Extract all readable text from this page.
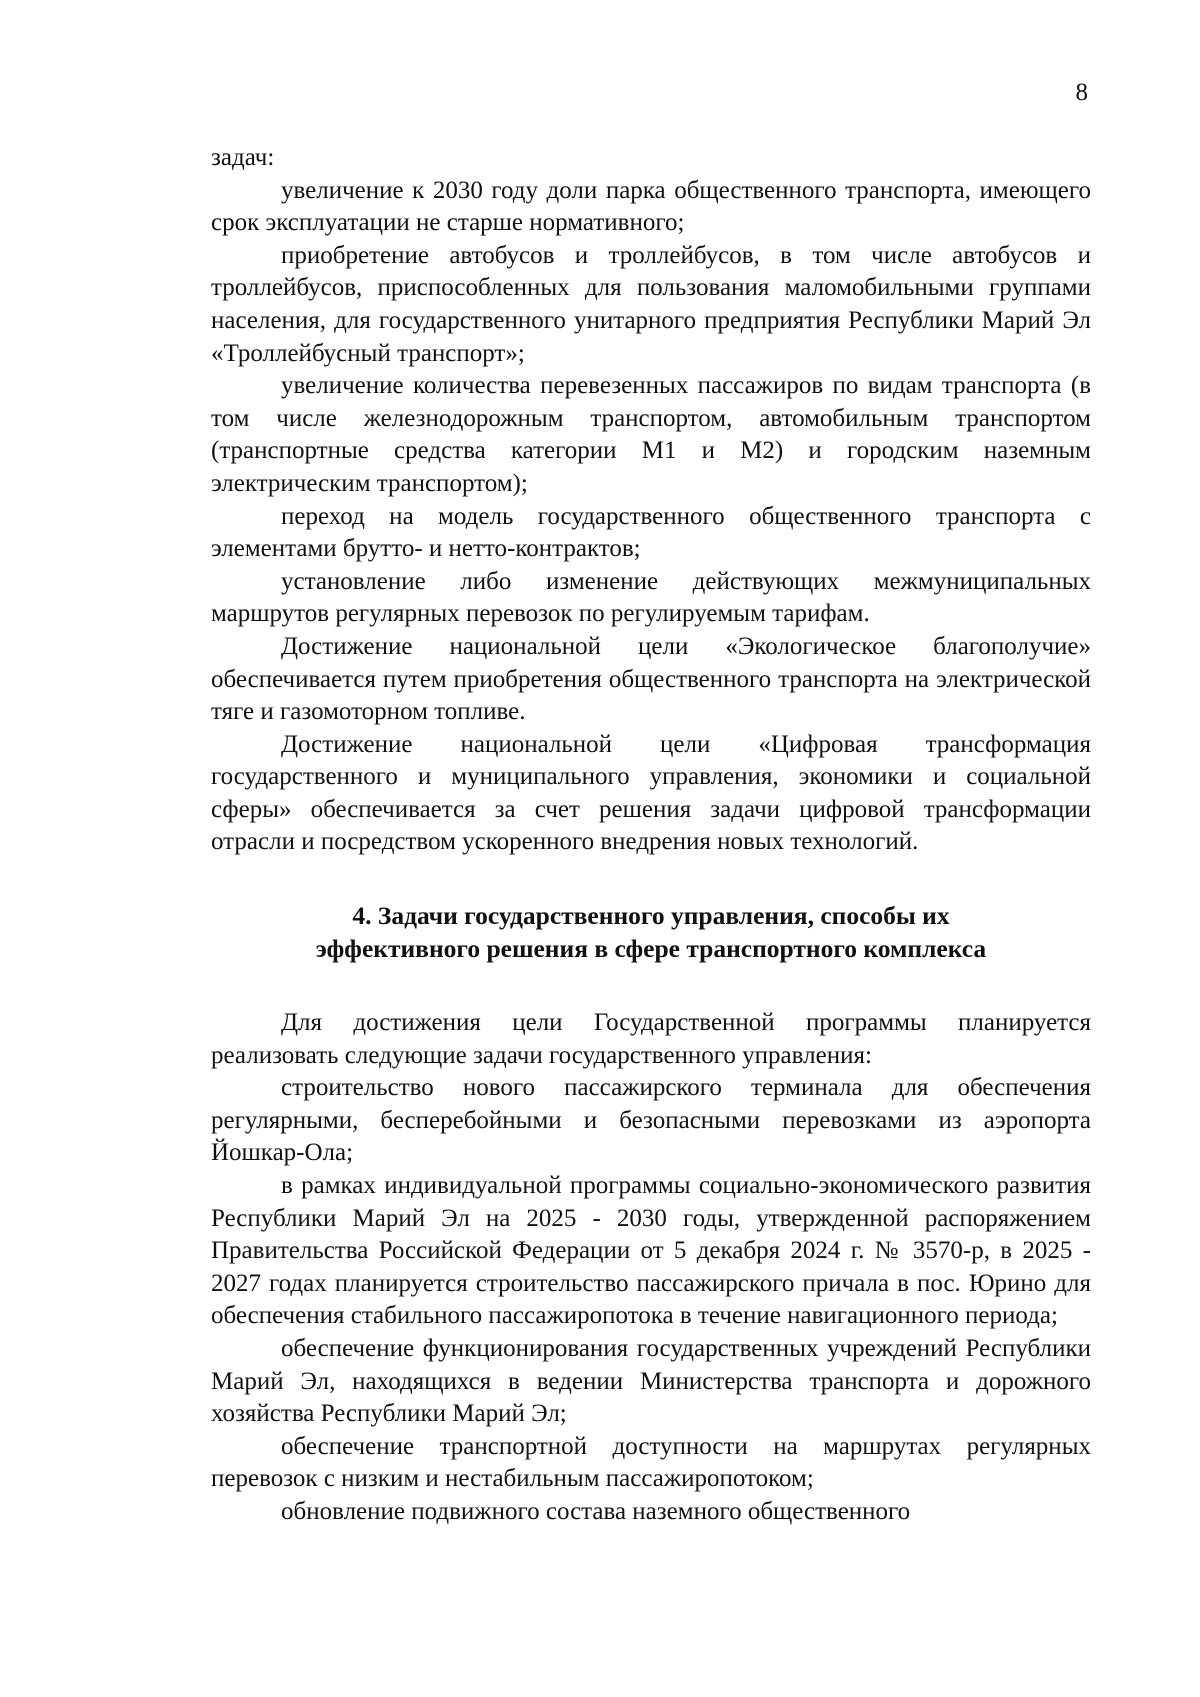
8

задач:

увеличение к 2030 году доли парка общественного транспорта, имеющего срок эксплуатации не старше нормативного;

приобретение автобусов и троллейбусов, в том числе автобусов и троллейбусов, приспособленных для пользования маломобильными группами населения, для государственного унитарного предприятия Республики Марий Эл «Троллейбусный транспорт»;

увеличение количества перевезенных пассажиров по видам транспорта (в том числе железнодорожным транспортом, автомобильным транспортом (транспортные средства категории М1 и М2) и городским наземным электрическим транспортом);

переход на модель государственного общественного транспорта с элементами брутто- и нетто-контрактов;

установление либо изменение действующих межмуниципальных маршрутов регулярных перевозок по регулируемым тарифам.

Достижение национальной цели «Экологическое благополучие» обеспечивается путем приобретения общественного транспорта на электрической тяге и газомоторном топливе.

Достижение национальной цели «Цифровая трансформация государственного и муниципального управления, экономики и социальной сферы» обеспечивается за счет решения задачи цифровой трансформации отрасли и посредством ускоренного внедрения новых технологий.

4. Задачи государственного управления, способы их
эффективного решения в сфере транспортного комплекса

Для достижения цели Государственной программы планируется реализовать следующие задачи государственного управления:

строительство нового пассажирского терминала для обеспечения регулярными, бесперебойными и безопасными перевозками из аэропорта Йошкар-Ола;

в рамках индивидуальной программы социально-экономического развития Республики Марий Эл на 2025 - 2030 годы, утвержденной распоряжением Правительства Российской Федерации от 5 декабря 2024 г. № 3570-р, в 2025 - 2027 годах планируется строительство пассажирского причала в пос. Юрино для обеспечения стабильного пассажиропотока в течение навигационного периода;

обеспечение функционирования государственных учреждений Республики Марий Эл, находящихся в ведении Министерства транспорта и дорожного хозяйства Республики Марий Эл;

обеспечение транспортной доступности на маршрутах регулярных перевозок с низким и нестабильным пассажиропотоком;

обновление подвижного состава наземного общественного
